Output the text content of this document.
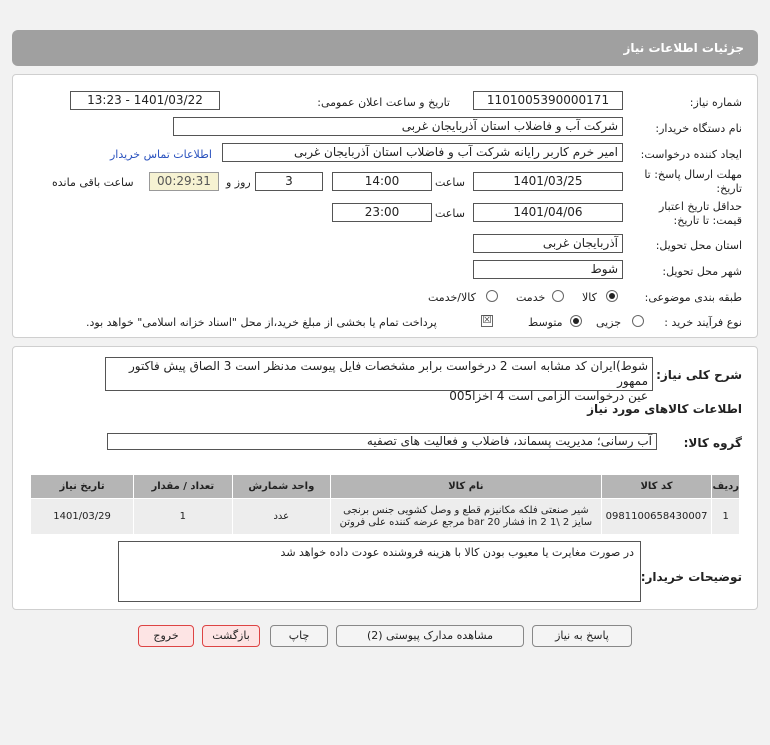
جزئیات اطلاعات نیاز
شماره نیاز:
1101005390000171
تاریخ و ساعت اعلان عمومی:
1401/03/22 - 13:23
نام دستگاه خریدار:
شرکت آب و فاضلاب استان آذربایجان غربی
ایجاد کننده درخواست:
امیر خرم کاربر رایانه شرکت آب و فاضلاب استان آذربایجان غربی
اطلاعات تماس خریدار
مهلت ارسال پاسخ: تا
تاریخ:
1401/03/25
ساعت
14:00
3
روز و
00:29:31
ساعت باقی مانده
حداقل تاریخ اعتبار
قیمت: تا تاریخ:
1401/04/06
ساعت
23:00
استان محل تحویل:
آذربایجان غربی
شهر محل تحویل:
شوط
طبقه بندی موضوعی:
کالا
خدمت
کالا/خدمت
نوع فرآیند خرید :
جزیی
متوسط
☒
پرداخت تمام یا بخشی از مبلغ خرید،از محل "اسناد خزانه اسلامی" خواهد بود.
شرح کلی نیاز:
شوط)ایران کد مشابه است 2 درخواست برابر مشخصات فایل پیوست مدنظر است 3 الصاق پیش فاکتور ممهور
عین درخواست الزامی است 4 اخزا005
اطلاعات کالاهای مورد نیاز
گروه کالا:
آب رسانی؛ مدیریت پسماند، فاضلاب و فعالیت های تصفیه
ردیف	کد کالا	نام کالا	واحد شمارش	تعداد / مقدار	تاریخ نیاز
1	0981100658430007	شیر صنعتی فلکه مکانیزم قطع و وصل کشویی جنس برنجی
سایز 2 \1 in 2 فشار 20 bar مرجع عرضه کننده علی فروتن	عدد	1	1401/03/29
توضیحات خریدار:
در صورت مغایرت یا معیوب بودن کالا با هزینه فروشنده عودت داده خواهد شد
پاسخ به نیاز
مشاهده مدارک پیوستی (2)
چاپ
بازگشت
خروج
